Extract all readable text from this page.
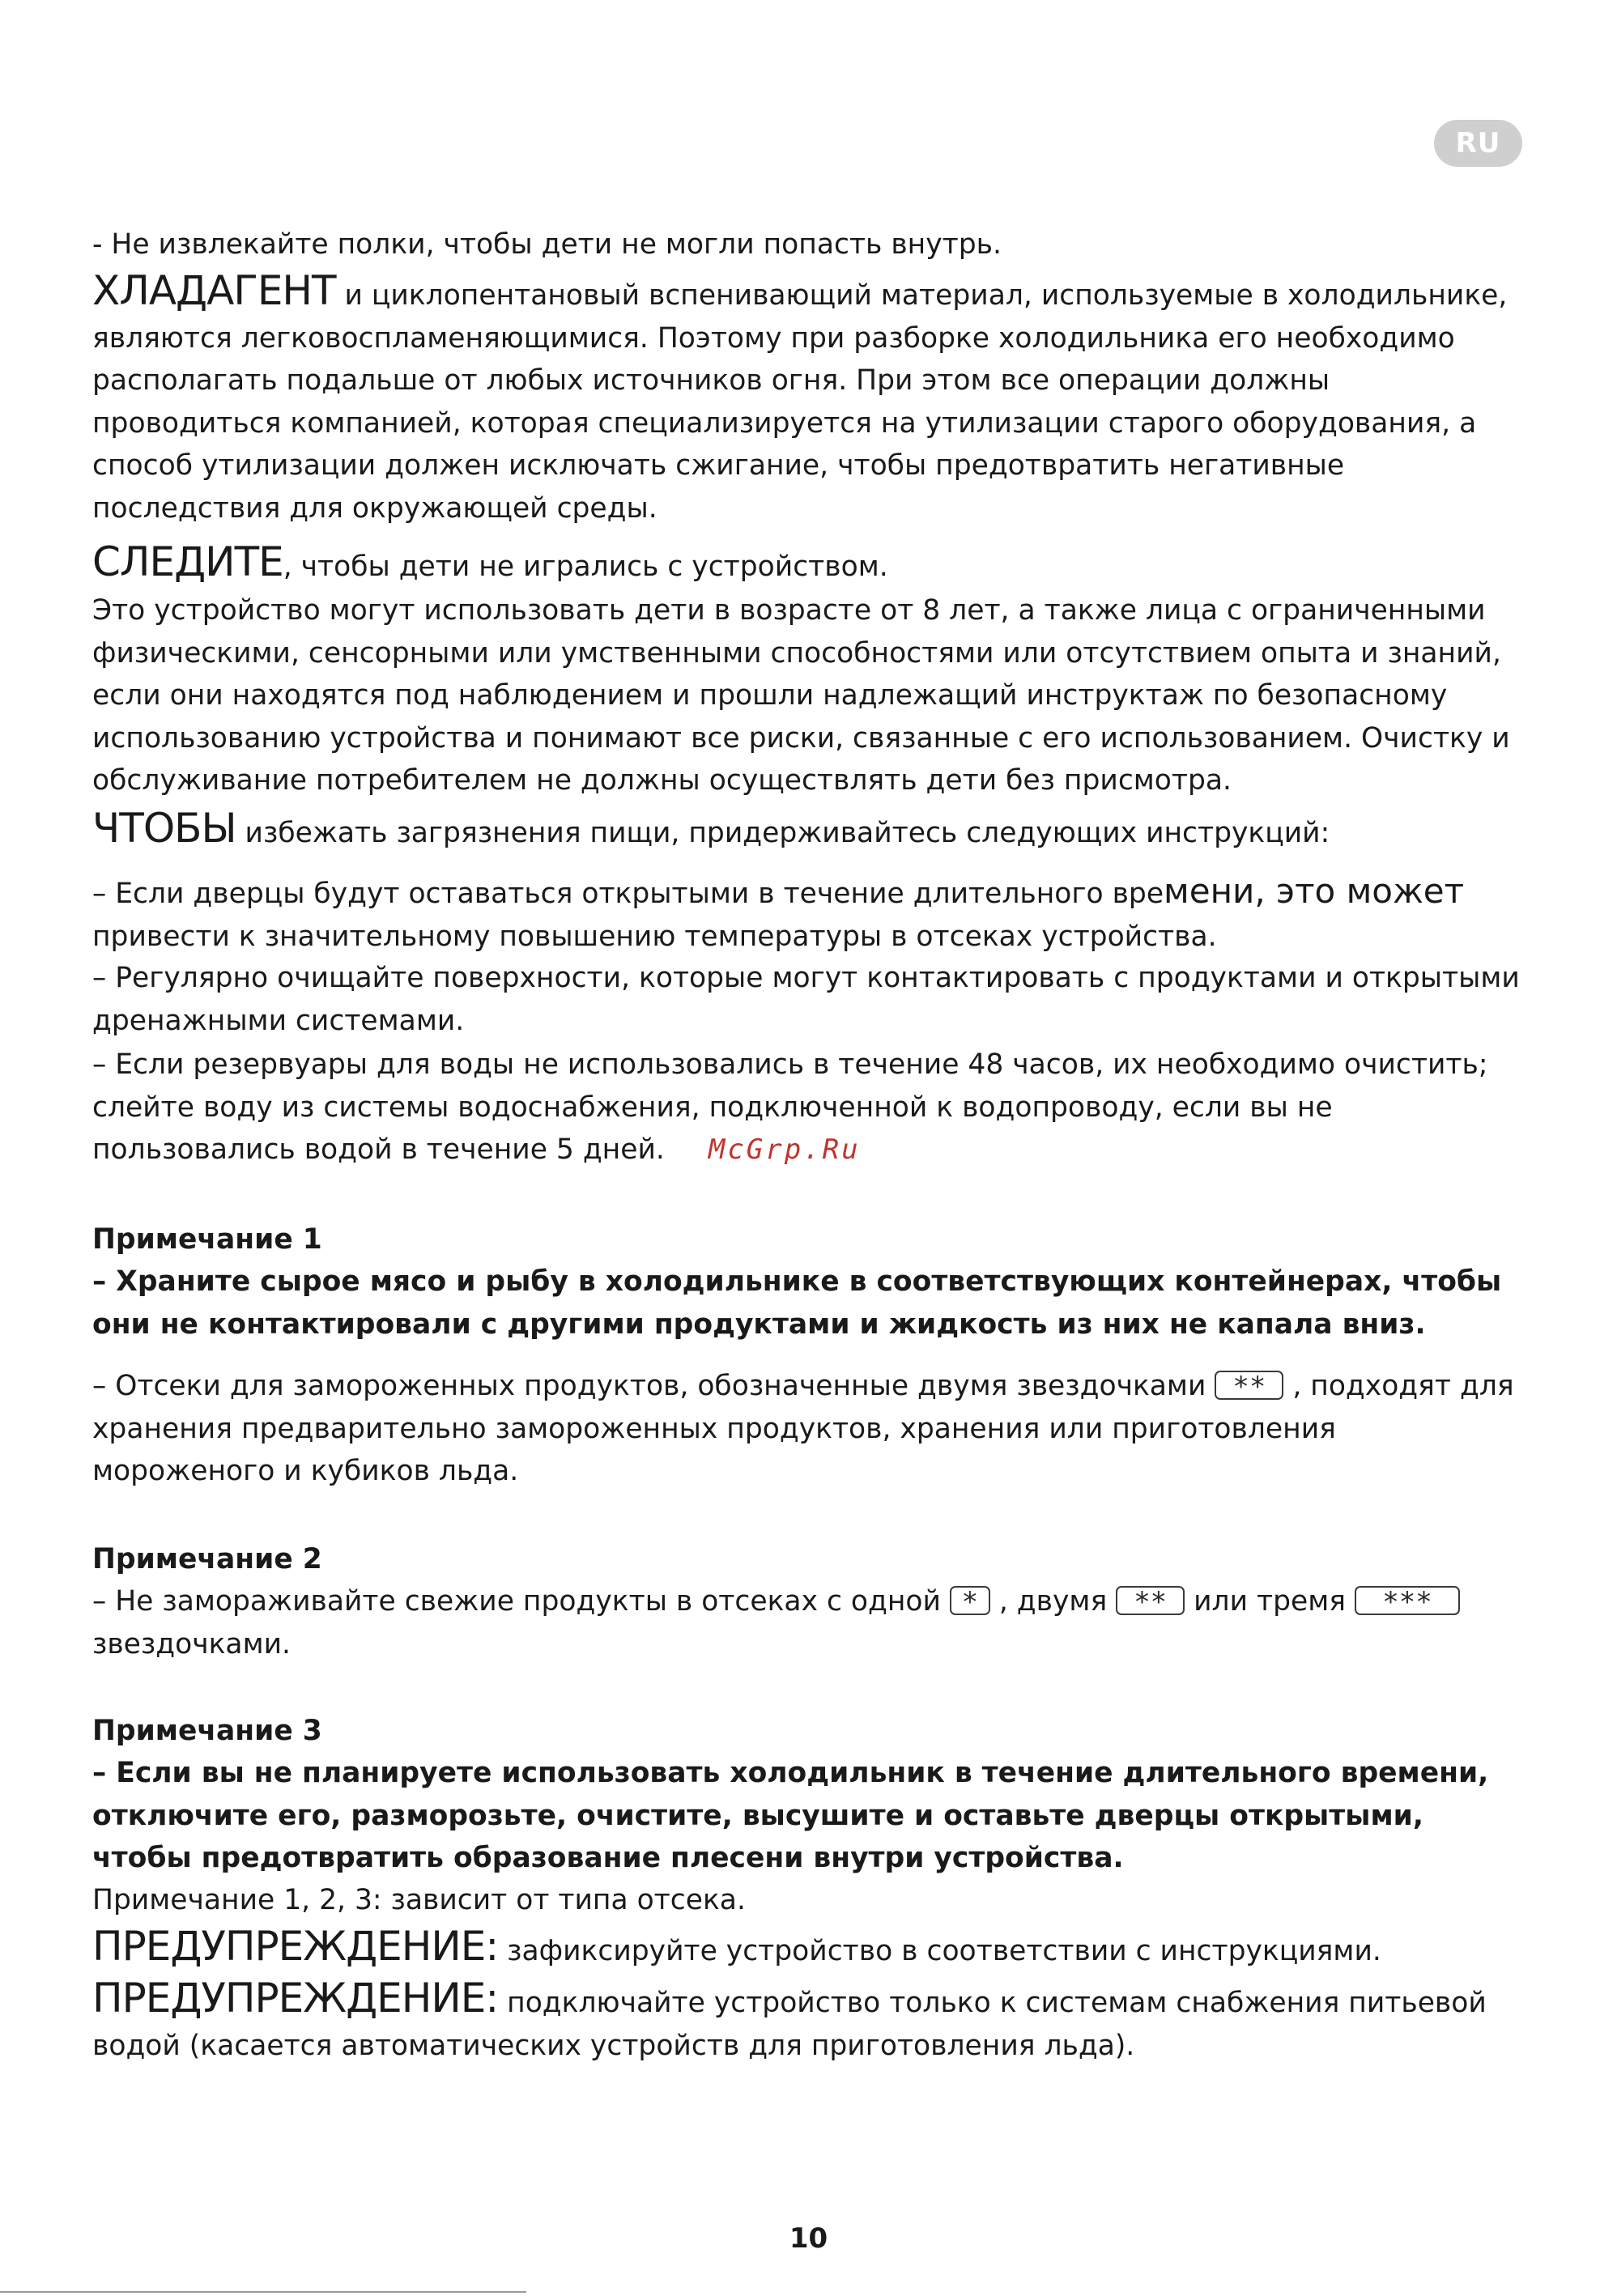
RU

- Не извлекайте полки, чтобы дети не могли попасть внутрь.

ХЛАДАГЕНТ и циклопентановый вспенивающий материал, используемые в холодильнике, являются легковоспламеняющимися. Поэтому при разборке холодильника его необходимо располагать подальше от любых источников огня. При этом все операции должны проводиться компанией, которая специализируется на утилизации старого оборудования, а способ утилизации должен исключать сжигание, чтобы предотвратить негативные последствия для окружающей среды.

СЛЕДИТЕ, чтобы дети не игрались с устройством.

Это устройство могут использовать дети в возрасте от 8 лет, а также лица с ограниченными физическими, сенсорными или умственными способностями или отсутствием опыта и знаний, если они находятся под наблюдением и прошли надлежащий инструктаж по безопасному использованию устройства и понимают все риски, связанные с его использованием. Очистку и обслуживание потребителем не должны осуществлять дети без присмотра.

ЧТОБЫ избежать загрязнения пищи, придерживайтесь следующих инструкций:

– Если дверцы будут оставаться открытыми в течение длительного времени, это может привести к значительному повышению температуры в отсеках устройства.

– Регулярно очищайте поверхности, которые могут контактировать с продуктами и открытыми дренажными системами.

– Если резервуары для воды не использовались в течение 48 часов, их необходимо очистить; слейте воду из системы водоснабжения, подключенной к водопроводу, если вы не пользовались водой в течение 5 дней. McGrp.Ru

Примечание 1

– Храните сырое мясо и рыбу в холодильнике в соответствующих контейнерах, чтобы они не контактировали с другими продуктами и жидкость из них не капала вниз.

– Отсеки для замороженных продуктов, обозначенные двумя звездочками ** , подходят для хранения предварительно замороженных продуктов, хранения или приготовления мороженого и кубиков льда.

Примечание 2

– Не замораживайте свежие продукты в отсеках с одной * , двумя ** или тремя *** звездочками.

Примечание 3

– Если вы не планируете использовать холодильник в течение длительного времени, отключите его, разморозьте, очистите, высушите и оставьте дверцы открытыми, чтобы предотвратить образование плесени внутри устройства.

Примечание 1, 2, 3: зависит от типа отсека.

ПРЕДУПРЕЖДЕНИЕ: зафиксируйте устройство в соответствии с инструкциями.

ПРЕДУПРЕЖДЕНИЕ: подключайте устройство только к системам снабжения питьевой водой (касается автоматических устройств для приготовления льда).

10
